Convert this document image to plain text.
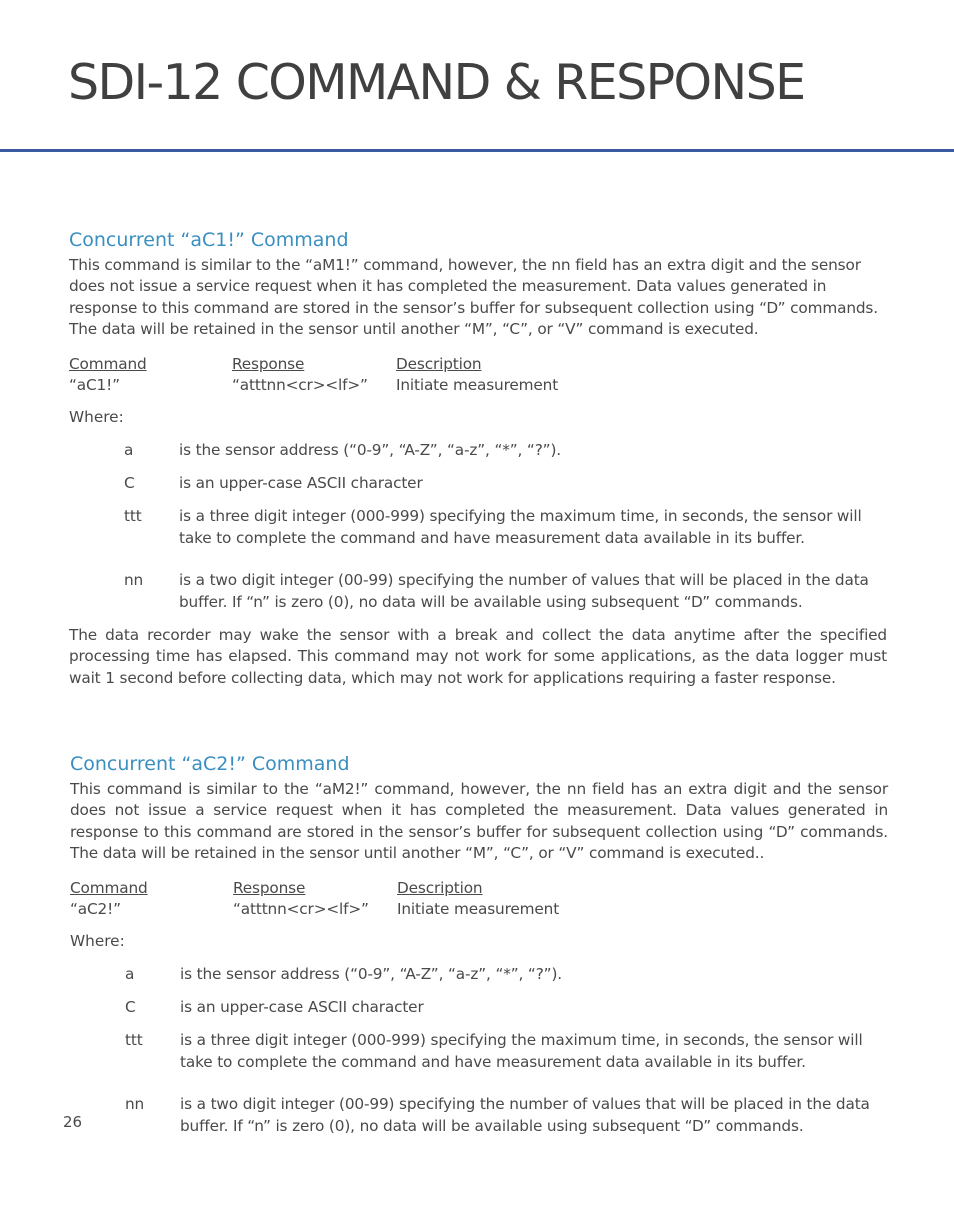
SDI-12 COMMAND & RESPONSE
Concurrent “aC1!” Command

This command is similar to the “aM1!” command, however, the nn field has an extra digit and the sensor does not issue a service request when it has completed the measurement. Data values generated in response to this command are stored in the sensor’s buffer for subsequent collection using “D” commands. The data will be retained in the sensor until another “M”, “C”, or “V” command is executed.

Command	Response	Description
“aC1!”	“atttnn<cr><lf>”	Initiate measurement
Where:
a	is the sensor address (“0-9”, “A-Z”, “a-z”, “*”, “?”).
C	is an upper-case ASCII character
ttt	is a three digit integer (000-999) specifying the maximum time, in seconds, the sensor will take to complete the command and have measurement data available in its buffer.
nn	is a two digit integer (00-99) specifying the number of values that will be placed in the data buffer. If “n” is zero (0), no data will be available using subsequent “D” commands.

The data recorder may wake the sensor with a break and collect the data anytime after the specified processing time has elapsed. This command may not work for some applications, as the data logger must wait 1 second before collecting data, which may not work for applications requiring a faster response.

Concurrent “aC2!” Command

This command is similar to the “aM2!” command, however, the nn field has an extra digit and the sensor does not issue a service request when it has completed the measurement. Data values generated in response to this command are stored in the sensor’s buffer for subsequent collection using “D” commands. The data will be retained in the sensor until another “M”, “C”, or “V” command is executed..

Command	Response	Description
“aC2!”	“atttnn<cr><lf>”	Initiate measurement
Where:
a	is the sensor address (“0-9”, “A-Z”, “a-z”, “*”, “?”).
C	is an upper-case ASCII character
ttt	is a three digit integer (000-999) specifying the maximum time, in seconds, the sensor will take to complete the command and have measurement data available in its buffer.
nn	is a two digit integer (00-99) specifying the number of values that will be placed in the data buffer. If “n” is zero (0), no data will be available using subsequent “D” commands.
26
